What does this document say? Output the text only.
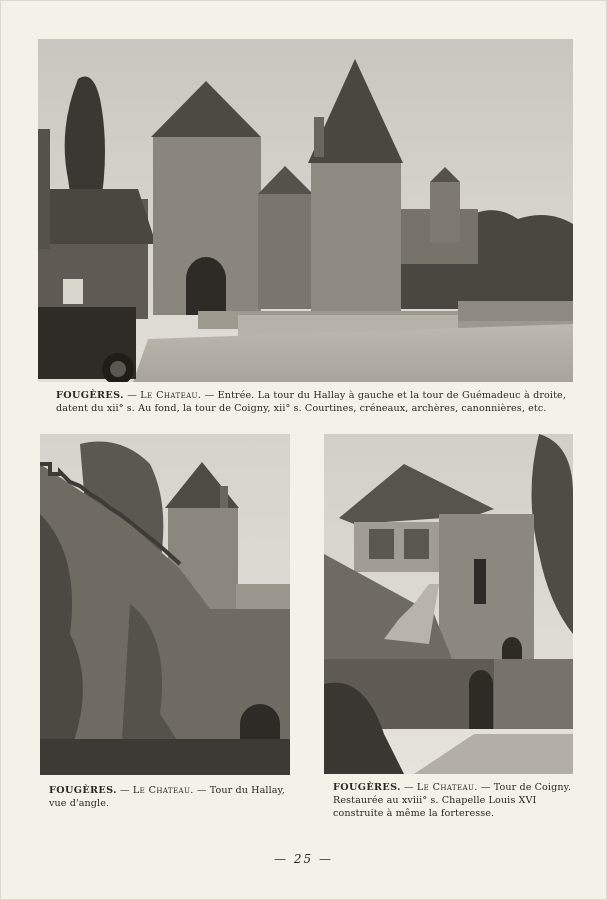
FOUGÈRES. — Le Chateau. — Entrée. La tour du Hallay à gauche et la tour de Guémadeuc à droite, datent du xii° s. Au fond, la tour de Coigny, xii° s. Courtines, créneaux, archères, canonnières, etc.
FOUGÈRES. — Le Chateau. — Tour du Hallay, vue d'angle.
FOUGÈRES. — Le Chateau. — Tour de Coigny. Restaurée au xviii° s. Chapelle Louis XVI construite à même la forteresse.
— 25 —
